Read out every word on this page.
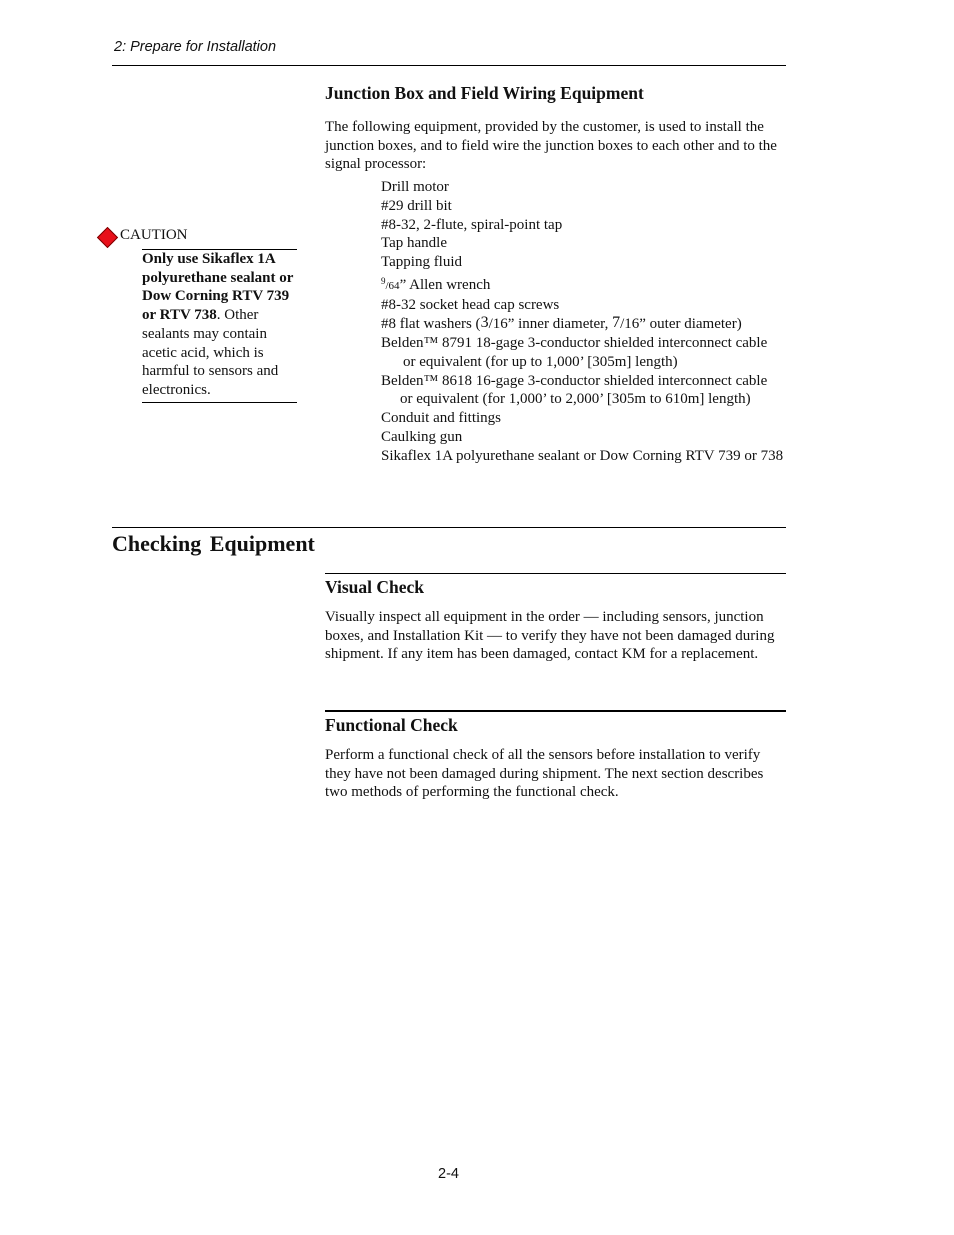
2: Prepare for Installation
Junction Box and Field Wiring Equipment

The following equipment, provided by the customer, is used to install the junction boxes, and to field wire the junction boxes to each other and to the signal processor:

Drill motor
#29 drill bit
#8-32, 2-flute, spiral-point tap
Tap handle
Tapping fluid
$^9$/64” Allen wrench
#8-32 socket head cap screws
#8 flat washers (3/16” inner diameter, 7/16” outer diameter)
Belden™ 8791 18-gage 3-conductor shielded interconnect cable
or equivalent (for up to 1,000’ [305m] length)
Belden™ 8618 16-gage 3-conductor shielded interconnect cable
or equivalent (for 1,000’ to 2,000’ [305m to 610m] length)
Conduit and fittings
Caulking gun
Sikaflex 1A polyurethane sealant or Dow Corning RTV 739 or 738
CAUTION

Only use Sikaflex 1A polyurethane sealant or Dow Corning RTV 739 or RTV 738. Other sealants may contain acetic acid, which is harmful to sensors and electronics.

Checking Equipment
Visual Check

Visually inspect all equipment in the order — including sensors, junction boxes, and Installation Kit — to verify they have not been damaged during shipment. If any item has been damaged, contact KM for a replacement.

Functional Check

Perform a functional check of all the sensors before installation to verify they have not been damaged during shipment. The next section describes two methods of performing the functional check.

2-4
